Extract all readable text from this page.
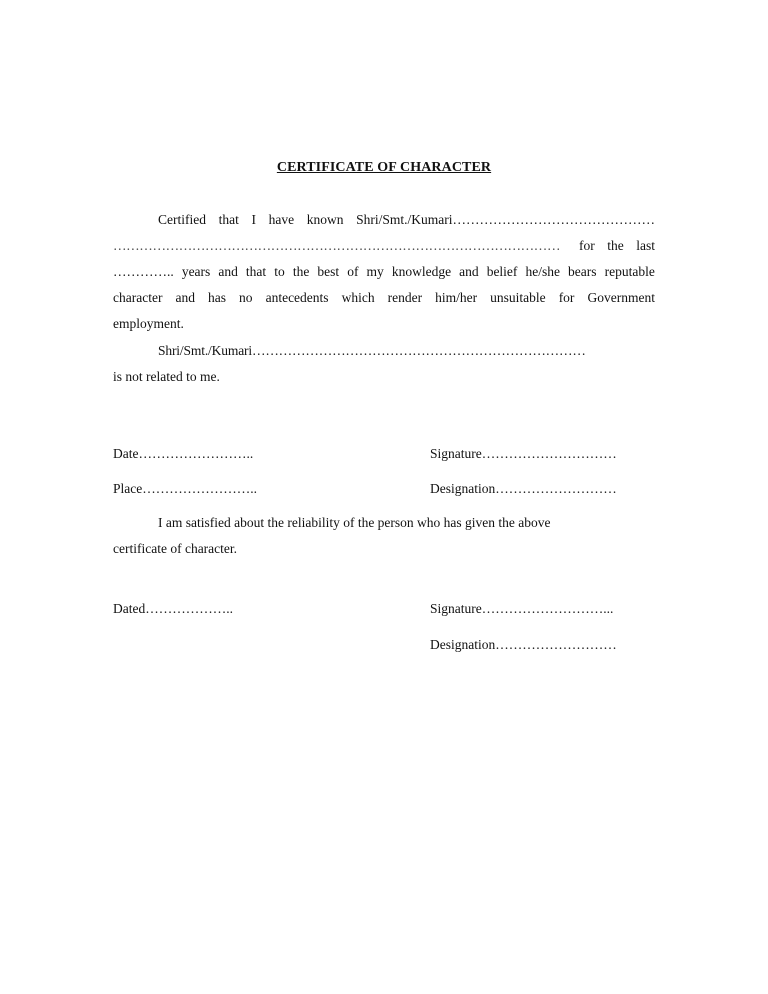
CERTIFICATE OF CHARACTER
Certified that I have known Shri/Smt./Kumari………………………………………
………………………………………………………………………………………… for the last
………….. years and that to the best of my knowledge and belief he/she bears reputable
character and has no antecedents which render him/her unsuitable for Government
employment.
Shri/Smt./Kumari…………………………………………………………………
is not related to me.
Date……………………..	Signature…………………………
Place……………………..	Designation………………………
I am satisfied about the reliability of the person who has given the above
certificate of character.
Dated………………..	Signature………………………...
Designation………………………
